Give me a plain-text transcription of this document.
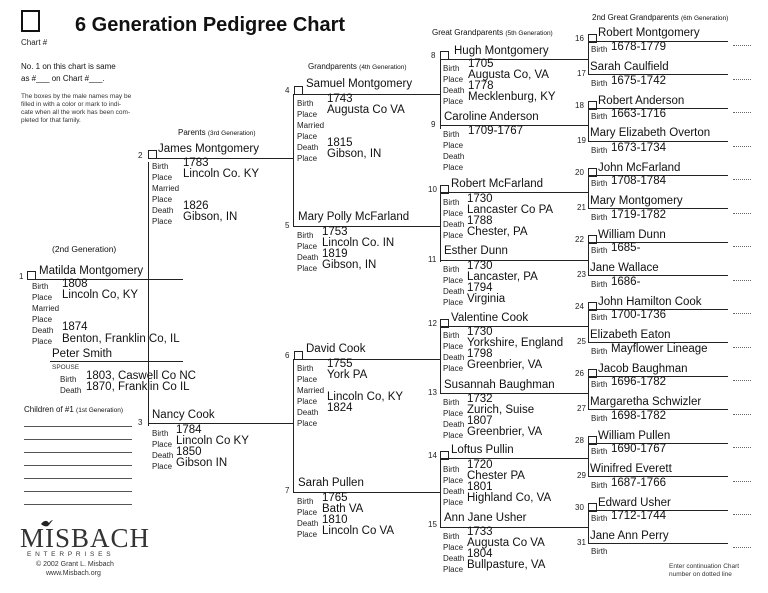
Chart #
6 Generation Pedigree Chart
No. 1 on this chart is same
as #___ on Chart #___.
The boxes by the male names may be
filled in with a color or mark to indi-
cate when all the work has been com-
pleted for that family.
(2nd Generation)
Parents (3rd Generation)
Grandparents (4th Generation)
Great Grandparents (5th Generation)
2nd Great Grandparents (6th Generation)
1 Matilda Montgomery
Birth 1808
Place Lincoln Co, KY
Married
Place
Death 1874
Place Benton, Franklin Co, IL
Peter Smith
SPOUSE
Birth 1803, Caswell Co NC
Death 1870, Franklin Co IL
Children of #1 (1st Generation)
2
James Montgomery
Birth 1783
Place Lincoln Co. KY
Married
Place
Death 1826
Place Gibson, IN
3
Nancy Cook
Birth 1784
Place Lincoln Co KY
Death 1850
Place Gibson IN
4
Samuel Montgomery
Birth 1743
Place Augusta Co VA
Married
Place
Death 1815
Place Gibson, IN
5
Mary Polly McFarland
Birth 1753
Place Lincoln Co. IN
Death 1819
Place Gibson, IN
6
David Cook
Birth 1755
Place York PA
Married
Place Lincoln Co, KY
Death 1824
Place
7
Sarah Pullen
Birth 1765
Place Bath VA
Death 1810
Place Lincoln Co VA
8 Hugh Montgomery
Birth 1705
Place Augusta Co, VA
Death 1778
Place Mecklenburg, KY
9
Caroline Anderson
Birth 1709-1767
Place
Death
Place
10 Robert McFarland
Birth 1730
Place Lancaster Co PA
Death 1788
Place Chester, PA
11
Esther Dunn
Birth 1730
Place Lancaster, PA
Death 1794
Place Virginia
12 Valentine Cook
Birth 1730
Place Yorkshire, England
Death 1798
Place Greenbrier, VA
13
Susannah Baughman
Birth 1732
Place Zurich, Suise
Death 1807
Place Greenbrier, VA
14 Loftus Pullin
Birth 1720
Place Chester PA
Death 1801
Place Highland Co, VA
15
Ann Jane Usher
Birth 1733
Place Augusta Co VA
Death 1804
Place Bullpasture, VA
16 Robert Montgomery
Birth 1678-1779
17
Sarah Caulfield
Birth 1675-1742
18 Robert Anderson
Birth 1663-1716
19
Mary Elizabeth Overton
Birth 1673-1734
20 John McFarland
Birth 1708-1784
21
Mary Montgomery
Birth 1719-1782
22 William Dunn
Birth 1685-
23
Jane Wallace
Birth 1686-
24 John Hamilton Cook
Birth 1700-1736
25
Elizabeth Eaton
Birth Mayflower Lineage
26 Jacob Baughman
Birth 1696-1782
27
Margaretha Schwizler
Birth 1698-1782
28 William Pullen
Birth 1690-1767
29
Winifred Everett
Birth 1687-1766
30 Edward Usher
Birth 1712-1744
31
Jane Ann Perry
Birth
MISBACH
E N T E R P R I S E S
© 2002 Grant L. Misbach
www.Misbach.org
Enter continuation Chart
number on dotted line
